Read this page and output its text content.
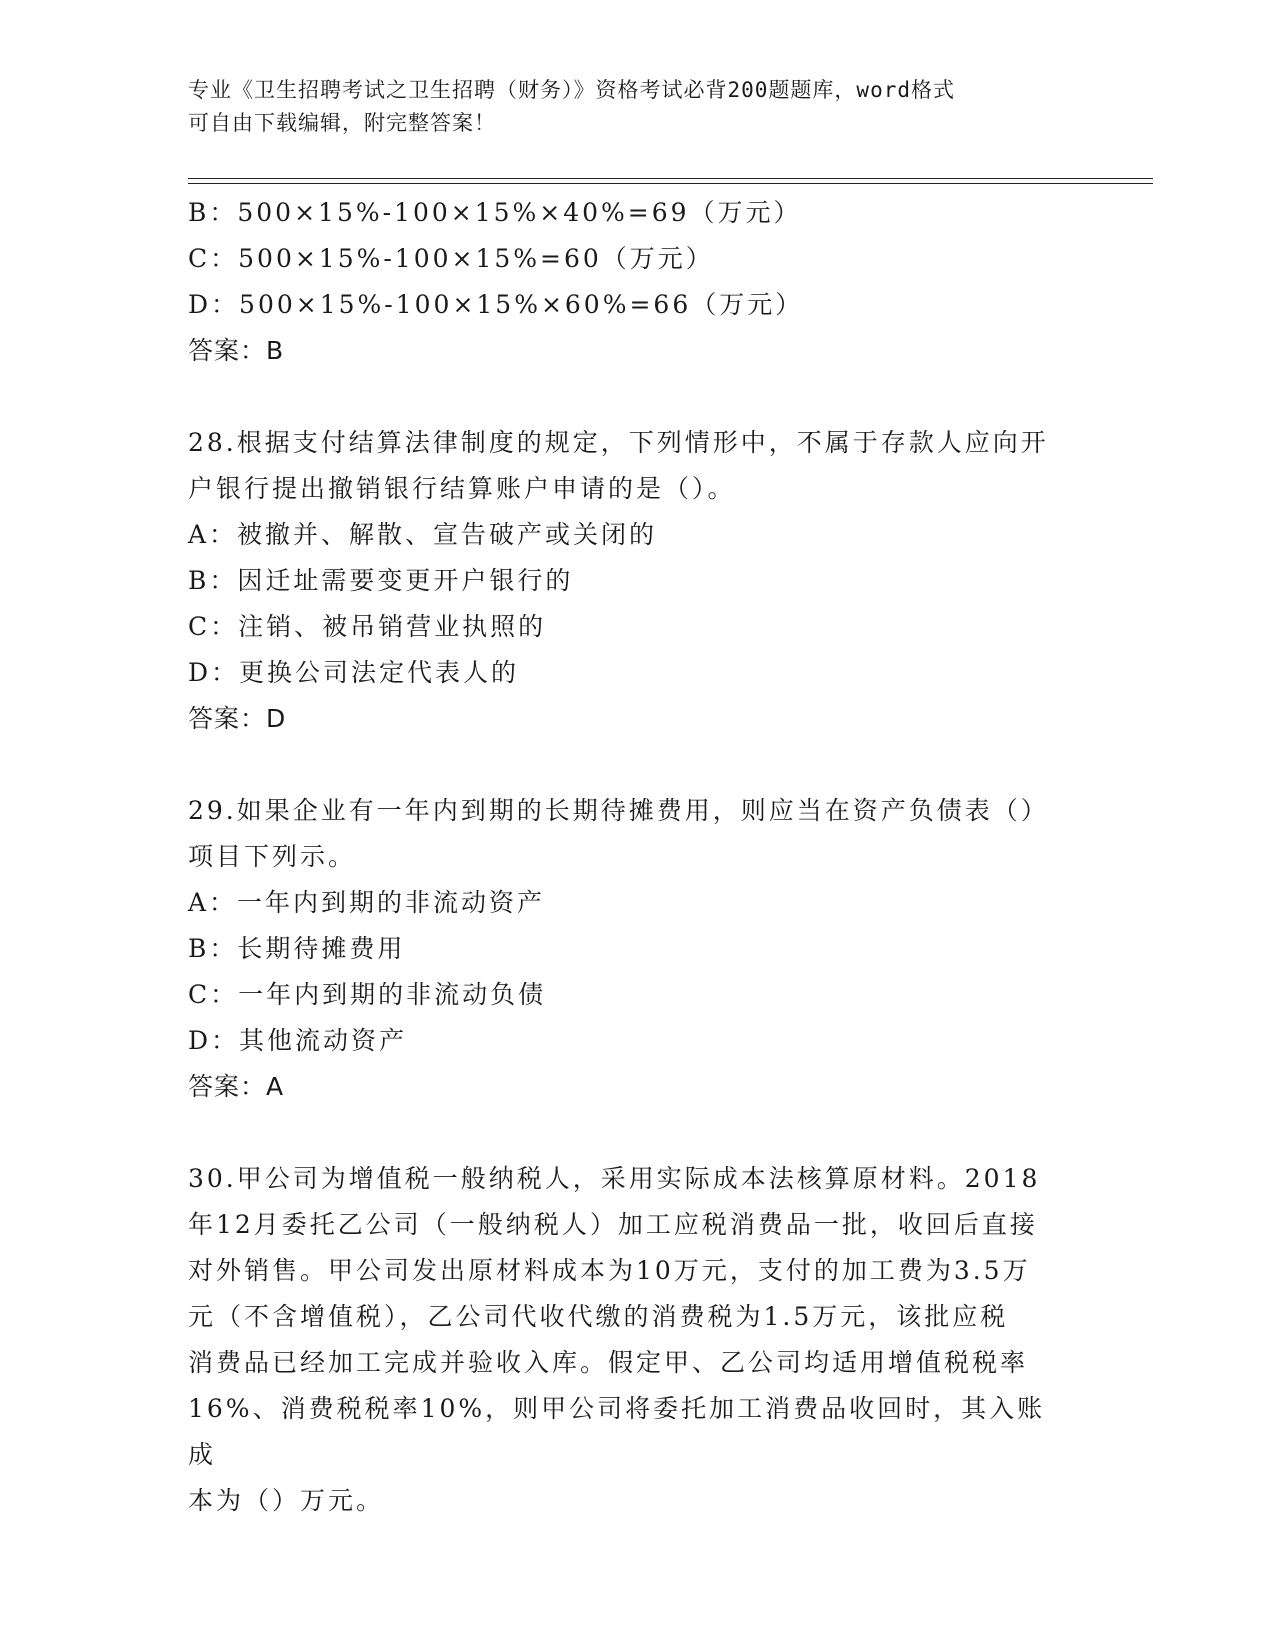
专业《卫生招聘考试之卫生招聘（财务）》资格考试必背200题题库，word格式
可自由下载编辑，附完整答案！

B：500×15%-100×15%×40%=69（万元）

C：500×15%-100×15%=60（万元）

D：500×15%-100×15%×60%=66（万元）

答案：B

28.根据支付结算法律制度的规定，下列情形中，不属于存款人应向开

户银行提出撤销银行结算账户申请的是（）。

A：被撤并、解散、宣告破产或关闭的

B：因迁址需要变更开户银行的

C：注销、被吊销营业执照的

D：更换公司法定代表人的

答案：D

29.如果企业有一年内到期的长期待摊费用，则应当在资产负债表（）

项目下列示。

A：一年内到期的非流动资产

B：长期待摊费用

C：一年内到期的非流动负债

D：其他流动资产

答案：A

30.甲公司为增值税一般纳税人，采用实际成本法核算原材料。2018

年12月委托乙公司（一般纳税人）加工应税消费品一批，收回后直接

对外销售。甲公司发出原材料成本为10万元，支付的加工费为3.5万

元（不含增值税），乙公司代收代缴的消费税为1.5万元，该批应税

消费品已经加工完成并验收入库。假定甲、乙公司均适用增值税税率

16%、消费税税率10%，则甲公司将委托加工消费品收回时，其入账成

本为（）万元。
